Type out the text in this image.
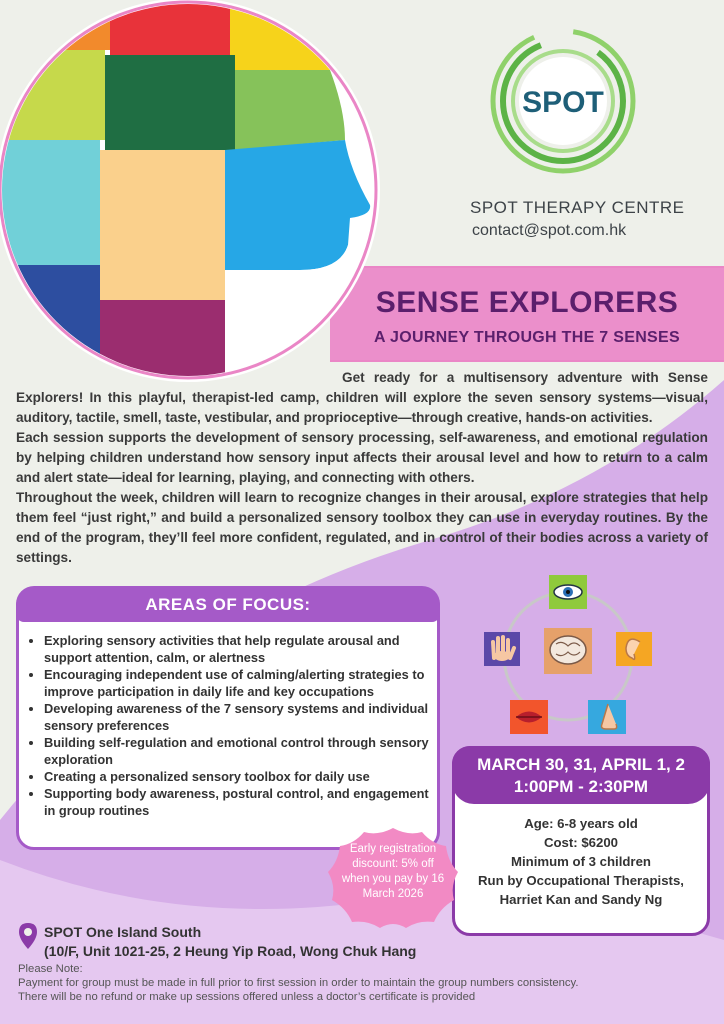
SPOT
SPOT THERAPY CENTRE
contact@spot.com.hk
SENSE EXPLORERS
A JOURNEY THROUGH THE 7 SENSES

Get ready for a multisensory adventure with Sense Explorers! In this playful, therapist-led camp, children will explore the seven sensory systems—visual, auditory, tactile, smell, taste, vestibular, and proprioceptive—through creative, hands-on activities.

Each session supports the development of sensory processing, self-awareness, and emotional regulation by helping children understand how sensory input affects their arousal level and how to return to a calm and alert state—ideal for learning, playing, and connecting with others.

Throughout the week, children will learn to recognize changes in their arousal, explore strategies that help them feel “just right,” and build a personalized sensory toolbox they can use in everyday routines. By the end of the program, they’ll feel more confident, regulated, and in control of their bodies across a variety of settings.

AREAS OF FOCUS:
• Exploring sensory activities that help regulate arousal and support attention, calm, or alertness
• Encouraging independent use of calming/alerting strategies to improve participation in daily life and key occupations
• Developing awareness of the 7 sensory systems and individual sensory preferences
• Building self-regulation and emotional control through sensory exploration
• Creating a personalized sensory toolbox for daily use
• Supporting body awareness, postural control, and engagement in group routines
MARCH 30, 31, APRIL 1, 2
1:00PM - 2:30PM
Age: 6-8 years old
Cost: $6200
Minimum of 3 children
Run by Occupational Therapists,
Harriet Kan and Sandy Ng
Early registration discount: 5% off when you pay by 16 March 2026
SPOT One Island South
(10/F, Unit 1021-25, 2 Heung Yip Road, Wong Chuk Hang
Please Note:
Payment for group must be made in full prior to first session in order to maintain the group numbers consistency.
There will be no refund or make up sessions offered unless a doctor’s certificate is provided
